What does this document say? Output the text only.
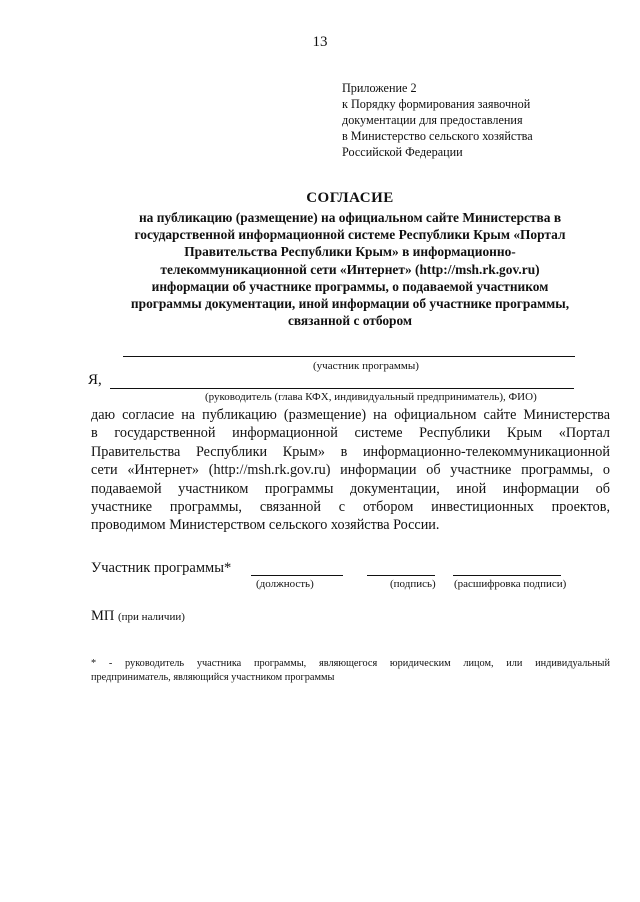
13
Приложение 2
к Порядку формирования заявочной
документации для предоставления
в Министерство сельского хозяйства
Российской Федерации
СОГЛАСИЕ
на публикацию (размещение) на официальном сайте Министерства в
государственной информационной системе Республики Крым «Портал
Правительства Республики Крым» в информационно-
телекоммуникационной сети «Интернет» (http://msh.rk.gov.ru)
информации об участнике программы, о подаваемой участником
программы документации, иной информации об участнике программы,
связанной с отбором
(участник программы)
Я,
(руководитель (глава КФХ, индивидуальный предприниматель), ФИО)
даю согласие на публикацию (размещение) на официальном сайте Министерства
в государственной информационной системе Республики Крым «Портал
Правительства Республики Крым» в информационно-телекоммуникационной
сети «Интернет» (http://msh.rk.gov.ru) информации об участнике программы, о
подаваемой участником программы документации, иной информации об
участнике программы, связанной с отбором инвестиционных проектов,
проводимом Министерством сельского хозяйства России.
Участник программы*
(должность)	(подпись) (расшифровка подписи)
МП (при наличии)
* - руководитель участника программы, являющегося юридическим лицом, или индивидуальный
предприниматель, являющийся участником программы
